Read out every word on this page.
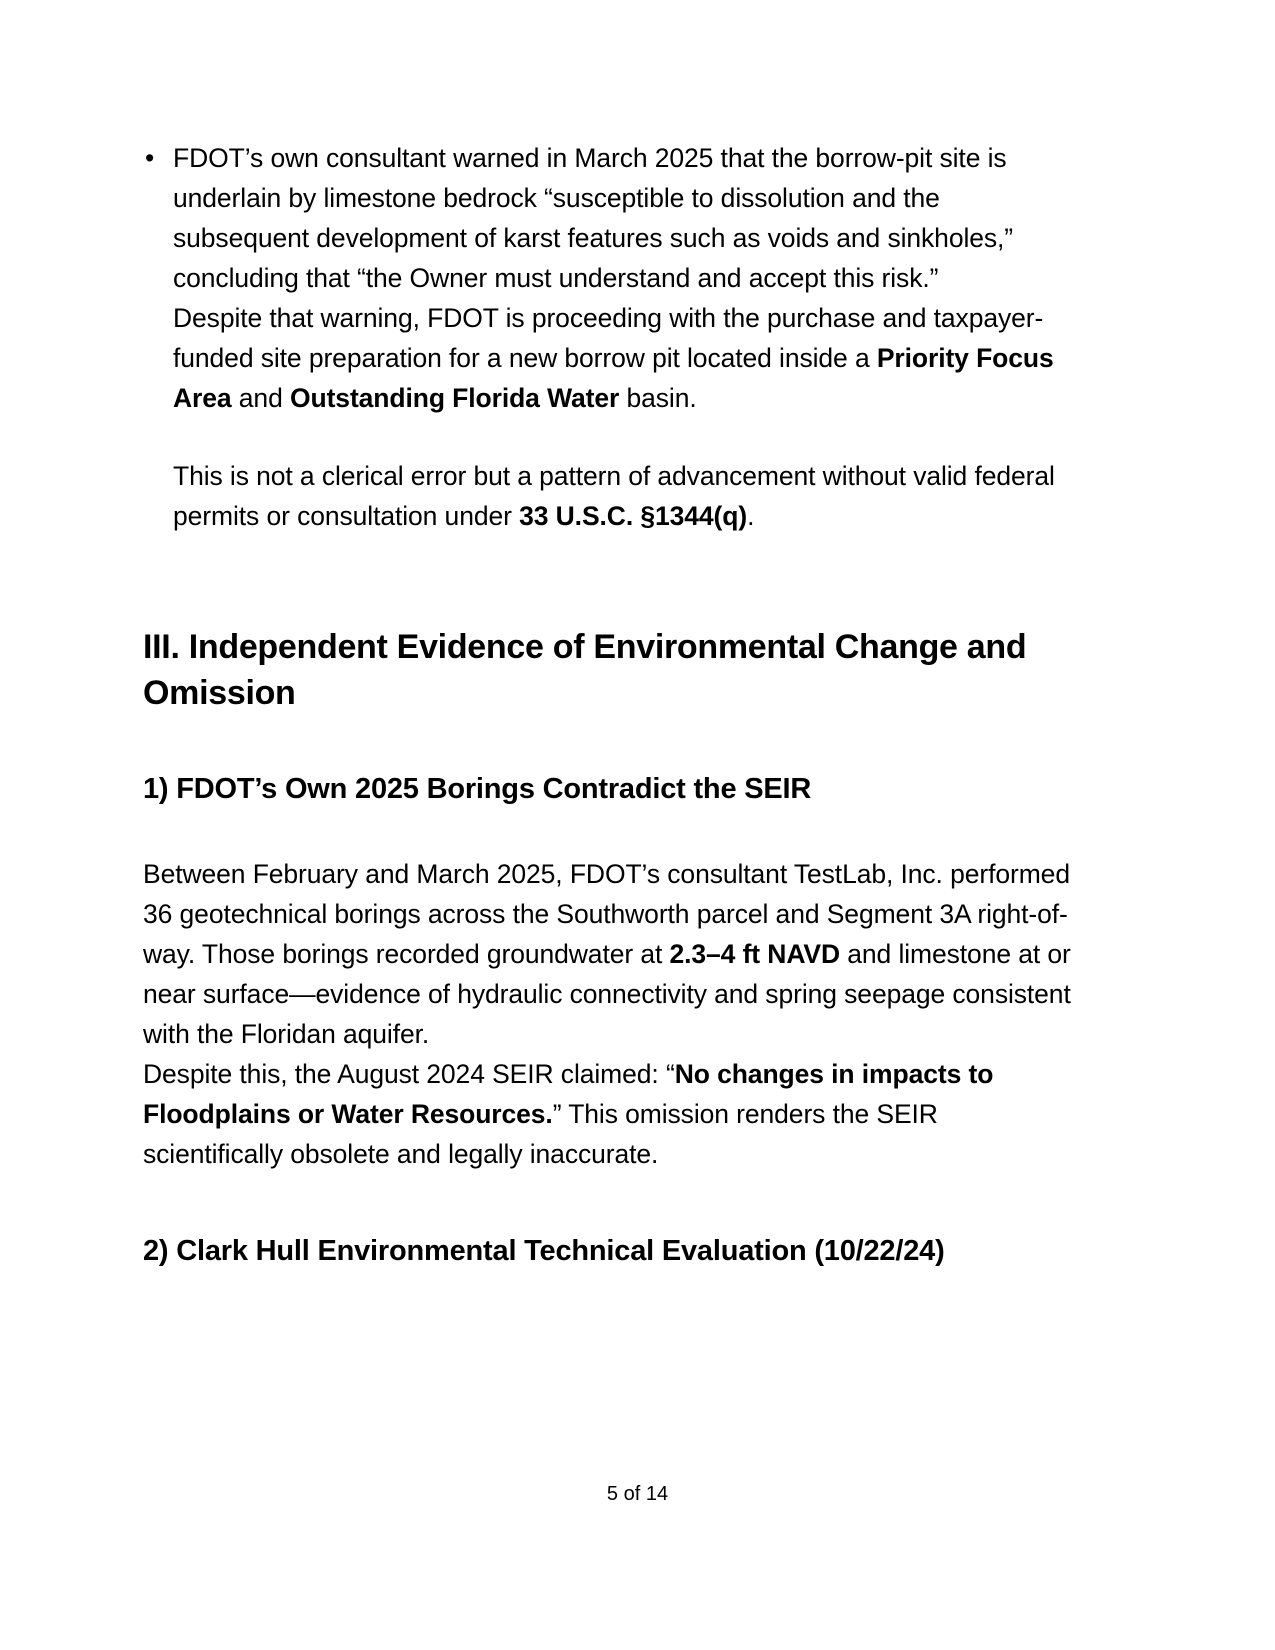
• FDOT’s own consultant warned in March 2025 that the borrow-pit site is underlain by limestone bedrock “susceptible to dissolution and the subsequent development of karst features such as voids and sinkholes,” concluding that “the Owner must understand and accept this risk.”

Despite that warning, FDOT is proceeding with the purchase and taxpayer-funded site preparation for a new borrow pit located inside a Priority Focus Area and Outstanding Florida Water basin.

This is not a clerical error but a pattern of advancement without valid federal permits or consultation under 33 U.S.C. §1344(q).

III. Independent Evidence of Environmental Change and Omission
1) FDOT’s Own 2025 Borings Contradict the SEIR

Between February and March 2025, FDOT’s consultant TestLab, Inc. performed 36 geotechnical borings across the Southworth parcel and Segment 3A right-of-way. Those borings recorded groundwater at 2.3–4 ft NAVD and limestone at or near surface—evidence of hydraulic connectivity and spring seepage consistent with the Floridan aquifer.

Despite this, the August 2024 SEIR claimed: “No changes in impacts to Floodplains or Water Resources.” This omission renders the SEIR scientifically obsolete and legally inaccurate.

2) Clark Hull Environmental Technical Evaluation (10/22/24)
5 of 14
